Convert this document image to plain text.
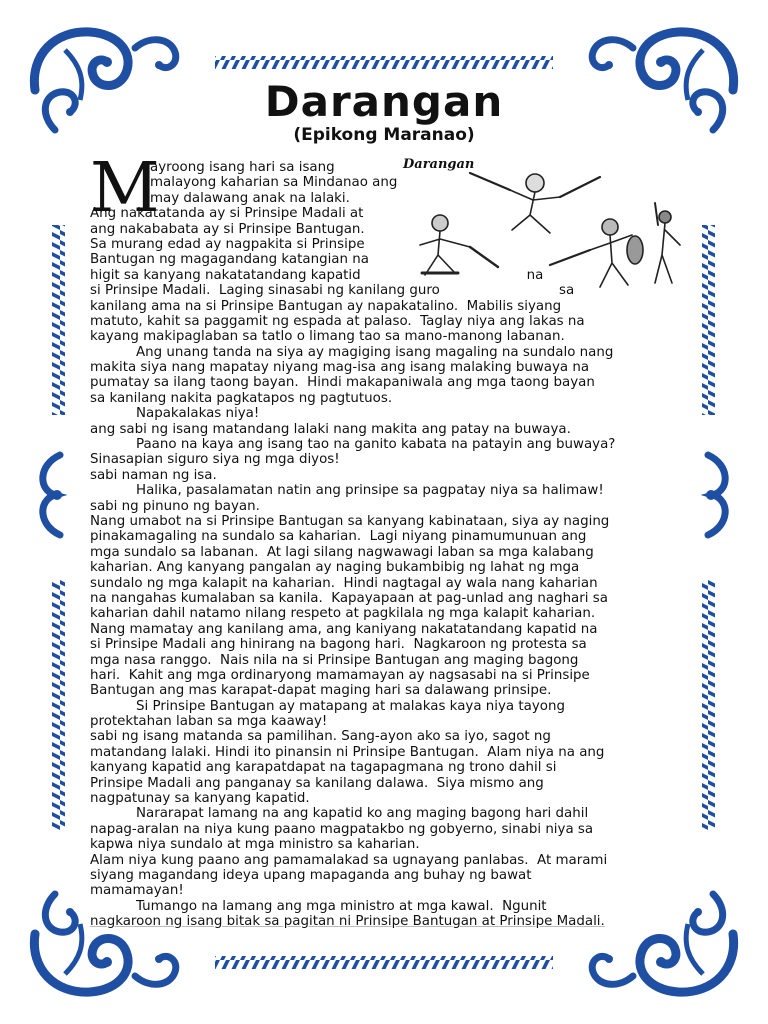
Darangan
(Epikong Maranao)
Darangan
M
ayroong isang hari sa isang
malayong kaharian sa Mindanao ang
may dalawang anak na lalaki.
Ang nakatatanda ay si Prinsipe Madali at
ang nakababata ay si Prinsipe Bantugan.
Sa murang edad ay nagpakita si Prinsipe
Bantugan ng magagandang katangian na
higit sa kanyang nakatatandang kapatid                                       na
si Prinsipe Madali.  Laging sinasabi ng kanilang guro                            sa
kanilang ama na si Prinsipe Bantugan ay napakatalino.  Mabilis siyang
matuto, kahit sa paggamit ng espada at palaso.  Taglay niya ang lakas na
kayang makipaglaban sa tatlo o limang tao sa mano-manong labanan.
Ang unang tanda na siya ay magiging isang magaling na sundalo nang
makita siya nang mapatay niyang mag-isa ang isang malaking buwaya na
pumatay sa ilang taong bayan.  Hindi makapaniwala ang mga taong bayan
sa kanilang nakita pagkatapos ng pagtutuos.
Napakalakas niya!
ang sabi ng isang matandang lalaki nang makita ang patay na buwaya.
Paano na kaya ang isang tao na ganito kabata na patayin ang buwaya?
Sinasapian siguro siya ng mga diyos!
sabi naman ng isa.
Halika, pasalamatan natin ang prinsipe sa pagpatay niya sa halimaw!
sabi ng pinuno ng bayan.
Nang umabot na si Prinsipe Bantugan sa kanyang kabinataan, siya ay naging
pinakamagaling na sundalo sa kaharian.  Lagi niyang pinamumunuan ang
mga sundalo sa labanan.  At lagi silang nagwawagi laban sa mga kalabang
kaharian. Ang kanyang pangalan ay naging bukambibig ng lahat ng mga
sundalo ng mga kalapit na kaharian.  Hindi nagtagal ay wala nang kaharian
na nangahas kumalaban sa kanila.  Kapayapaan at pag-unlad ang naghari sa
kaharian dahil natamo nilang respeto at pagkilala ng mga kalapit kaharian.
Nang mamatay ang kanilang ama, ang kaniyang nakatatandang kapatid na
si Prinsipe Madali ang hinirang na bagong hari.  Nagkaroon ng protesta sa
mga nasa ranggo.  Nais nila na si Prinsipe Bantugan ang maging bagong
hari.  Kahit ang mga ordinaryong mamamayan ay nagsasabi na si Prinsipe
Bantugan ang mas karapat-dapat maging hari sa dalawang prinsipe.
Si Prinsipe Bantugan ay matapang at malakas kaya niya tayong
protektahan laban sa mga kaaway!
sabi ng isang matanda sa pamilihan. Sang-ayon ako sa iyo, sagot ng
matandang lalaki. Hindi ito pinansin ni Prinsipe Bantugan.  Alam niya na ang
kanyang kapatid ang karapatdapat na tagapagmana ng trono dahil si
Prinsipe Madali ang panganay sa kanilang dalawa.  Siya mismo ang
nagpatunay sa kanyang kapatid.
Nararapat lamang na ang kapatid ko ang maging bagong hari dahil
napag-aralan na niya kung paano magpatakbo ng gobyerno, sinabi niya sa
kapwa niya sundalo at mga ministro sa kaharian.
Alam niya kung paano ang pamamalakad sa ugnayang panlabas.  At marami
siyang magandang ideya upang mapaganda ang buhay ng bawat
mamamayan!
Tumango na lamang ang mga ministro at mga kawal.  Ngunit
nagkaroon ng isang bitak sa pagitan ni Prinsipe Bantugan at Prinsipe Madali.
